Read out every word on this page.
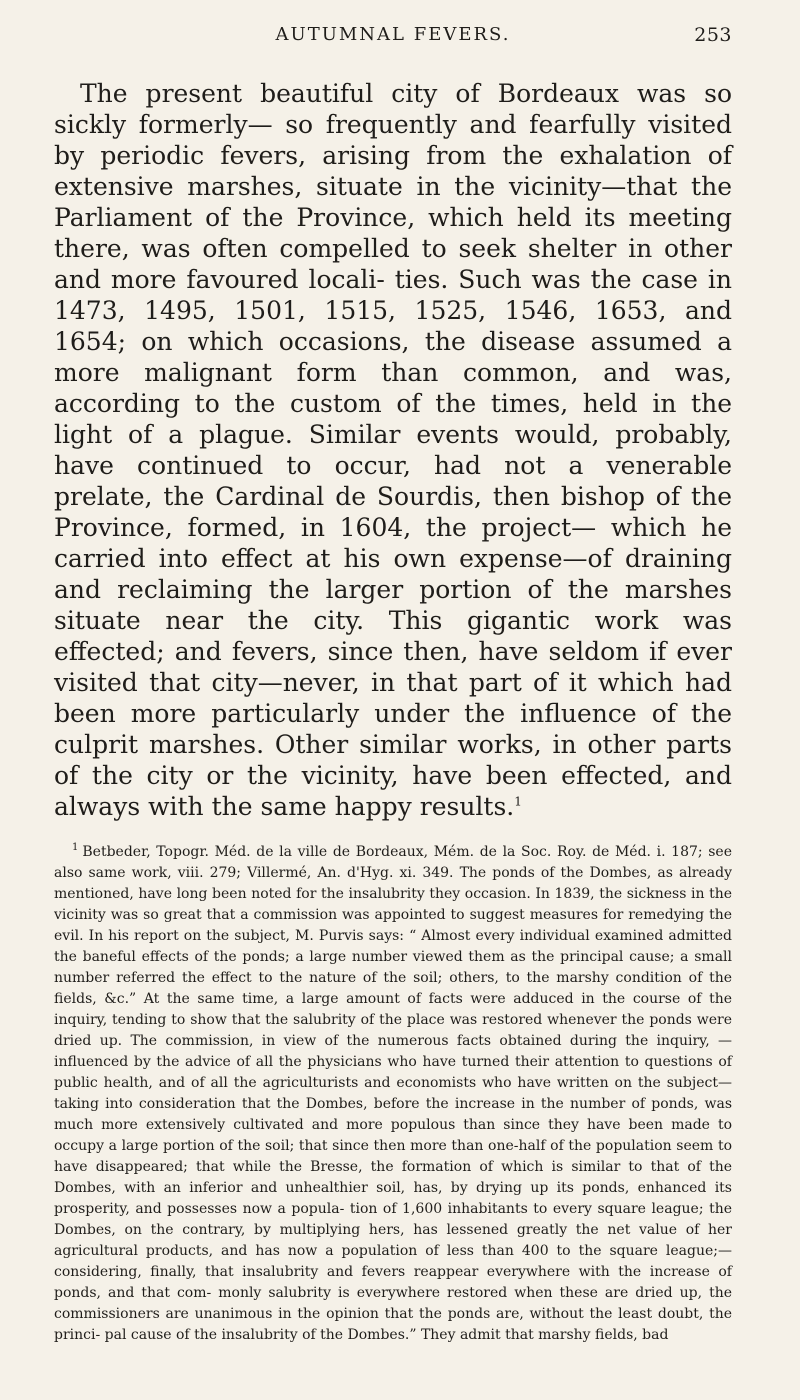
AUTUMNAL FEVERS.	253

The present beautiful city of Bordeaux was so sickly formerly— so frequently and fearfully visited by periodic fevers, arising from the exhalation of extensive marshes, situate in the vicinity—that the Parliament of the Province, which held its meeting there, was often compelled to seek shelter in other and more favoured locali- ties. Such was the case in 1473, 1495, 1501, 1515, 1525, 1546, 1653, and 1654; on which occasions, the disease assumed a more malignant form than common, and was, according to the custom of the times, held in the light of a plague. Similar events would, probably, have continued to occur, had not a venerable prelate, the Cardinal de Sourdis, then bishop of the Province, formed, in 1604, the project— which he carried into effect at his own expense—of draining and reclaiming the larger portion of the marshes situate near the city. This gigantic work was effected; and fevers, since then, have seldom if ever visited that city—never, in that part of it which had been more particularly under the influence of the culprit marshes. Other similar works, in other parts of the city or the vicinity, have been effected, and always with the same happy results.$^1$

$^1$ Betbeder, Topogr. Méd. de la ville de Bordeaux, Mém. de la Soc. Roy. de Méd. i. 187; see also same work, viii. 279; Villermé, An. d'Hyg. xi. 349. The ponds of the Dombes, as already mentioned, have long been noted for the insalubrity they occasion. In 1839, the sickness in the vicinity was so great that a commission was appointed to suggest measures for remedying the evil. In his report on the subject, M. Purvis says: “ Almost every individual examined admitted the baneful effects of the ponds; a large number viewed them as the principal cause; a small number referred the effect to the nature of the soil; others, to the marshy condition of the fields, &c.” At the same time, a large amount of facts were adduced in the course of the inquiry, tending to show that the salubrity of the place was restored whenever the ponds were dried up. The commission, in view of the numerous facts obtained during the inquiry, —influenced by the advice of all the physicians who have turned their attention to questions of public health, and of all the agriculturists and economists who have written on the subject—taking into consideration that the Dombes, before the increase in the number of ponds, was much more extensively cultivated and more populous than since they have been made to occupy a large portion of the soil; that since then more than one-half of the population seem to have disappeared; that while the Bresse, the formation of which is similar to that of the Dombes, with an inferior and unhealthier soil, has, by drying up its ponds, enhanced its prosperity, and possesses now a popula- tion of 1,600 inhabitants to every square league; the Dombes, on the contrary, by multiplying hers, has lessened greatly the net value of her agricultural products, and has now a population of less than 400 to the square league;—considering, finally, that insalubrity and fevers reappear everywhere with the increase of ponds, and that com- monly salubrity is everywhere restored when these are dried up, the commissioners are unanimous in the opinion that the ponds are, without the least doubt, the princi- pal cause of the insalubrity of the Dombes.” They admit that marshy fields, bad
